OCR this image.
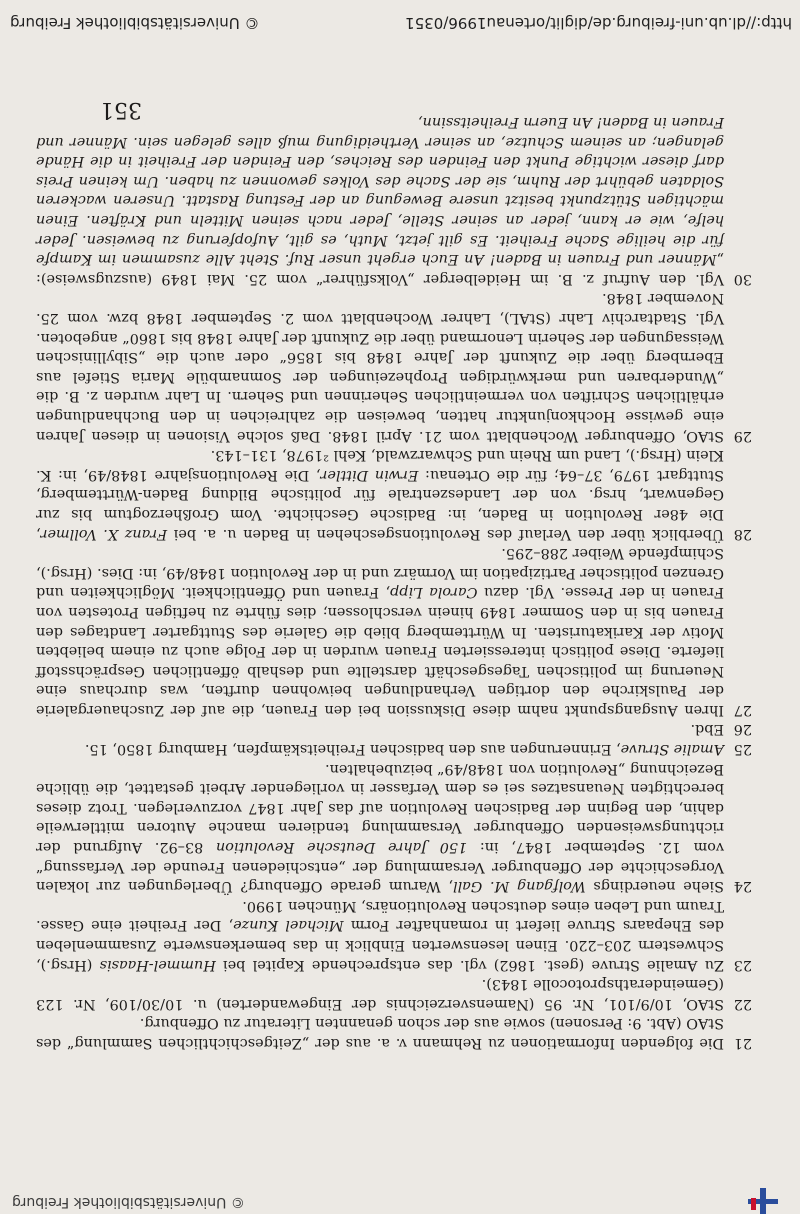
© Universitätsbibliothek Freiburg
21

Die folgenden Informationen zu Rehmann v. a. aus der „Zeitgeschichtlichen Sammlung“ des StAO (Abt. 9: Personen) sowie aus der schon genannten Literatur zu Offenburg.

22

StAO, 10/9/101, Nr. 95 (Namensverzeichnis der Eingewanderten) u. 10/30/109, Nr. 123 (Gemeinderathsprotocolle 1843).

23

Zu Amalie Struve (gest. 1862) vgl. das entsprechende Kapitel bei Hummel-Haasis (Hrsg.), Schwestern 203–220. Einen lesenswerten Einblick in das bemerkenswerte Zusammenleben des Ehepaars Struve liefert in romanhafter Form Michael Kunze, Der Freiheit eine Gasse. Traum und Leben eines deutschen Revolutionärs, München 1990.

24

Siehe neuerdings Wolfgang M. Gall, Warum gerade Offenburg? Überlegungen zur lokalen Vorgeschichte der Offenburger Versammlung der „entschiedenen Freunde der Verfassung“ vom 12. September 1847, in: 150 Jahre Deutsche Revolution 83–92. Aufgrund der richtungsweisenden Offenburger Versammlung tendieren manche Autoren mittlerweile dahin, den Beginn der Badischen Revolution auf das Jahr 1847 vorzuverlegen. Trotz dieses berechtigten Neuansatzes sei es dem Verfasser in vorliegender Arbeit gestattet, die übliche Bezeichnung „Revolution von 1848/49“ beizubehalten.

25

Amalie Struve, Erinnerungen aus den badischen Freiheitskämpfen, Hamburg 1850, 15.

26

Ebd.

27

Ihren Ausgangspunkt nahm diese Diskussion bei den Frauen, die auf der Zuschauergalerie der Paulskirche den dortigen Verhandlungen beiwohnen durften, was durchaus eine Neuerung im politischen Tagesgeschäft darstellte und deshalb öffentlichen Gesprächsstoff lieferte. Diese politisch interessierten Frauen wurden in der Folge auch zu einem beliebten Motiv der Karikaturisten. In Württemberg blieb die Galerie des Stuttgarter Landtages den Frauen bis in den Sommer 1849 hinein verschlossen; dies führte zu heftigen Protesten von Frauen in der Presse. Vgl. dazu Carola Lipp, Frauen und Öffentlichkeit. Möglichkeiten und Grenzen politischer Partizipation im Vormärz und in der Revolution 1848/49, in: Dies. (Hrsg.), Schimpfende Weiber 288–295.

28

Überblick über den Verlauf des Revolutionsgeschehen in Baden u. a. bei Franz X. Vollmer, Die 48er Revolution in Baden, in: Badische Geschichte. Vom Großherzogtum bis zur Gegenwart, hrsg. von der Landeszentrale für politische Bildung Baden-Württemberg, Stuttgart 1979, 37–64; für die Ortenau: Erwin Dittler, Die Revolutionsjahre 1848/49, in: K. Klein (Hrsg.), Land um Rhein und Schwarzwald, Kehl ²1978, 131–143.

29

StAO, Offenburger Wochenblatt vom 21. April 1848. Daß solche Visionen in diesen Jahren eine gewisse Hochkonjunktur hatten, beweisen die zahlreichen in den Buchhandlungen erhältlichen Schriften von vermeintlichen Seherinnen und Sehern. In Lahr wurden z. B. die „Wunderbaren und merkwürdigen Prophezeiungen der Somnambüle Maria Stiefel aus Ebernberg über die Zukunft der Jahre 1848 bis 1856“ oder auch die „Sibyllinischen Weissagungen der Seherin Lenormand über die Zukunft der Jahre 1848 bis 1860“ angeboten. Vgl. Stadtarchiv Lahr (StAL), Lahrer Wochenblatt vom 2. September 1848 bzw. vom 25. November 1848.

30

Vgl. den Aufruf z. B. im Heidelberger „Volksführer“ vom 25. Mai 1849 (auszugsweise): „Männer und Frauen in Baden! An Euch ergeht unser Ruf. Steht Alle zusammen im Kampfe für die heilige Sache Freiheit. Es gilt jetzt, Muth, es gilt, Aufopferung zu beweisen. Jeder helfe, wie er kann, jeder an seiner Stelle, Jeder nach seinen Mitteln und Kräften. Einen mächtigen Stützpunkt besitzt unsere Bewegung an der Festung Rastatt. Unseren wackeren Soldaten gebührt der Ruhm, sie der Sache des Volkes gewonnen zu haben. Um keinen Preis darf dieser wichtige Punkt den Feinden des Reiches, den Feinden der Freiheit in die Hände gelangen; an seinem Schutze, an seiner Vertheidigung muß alles gelegen sein. Männer und Frauen in Baden! An Euern Freiheitssinn,

351
http://dl.ub.uni-freiburg.de/diglit/ortenau1996/0351
© Universitätsbibliothek Freiburg
